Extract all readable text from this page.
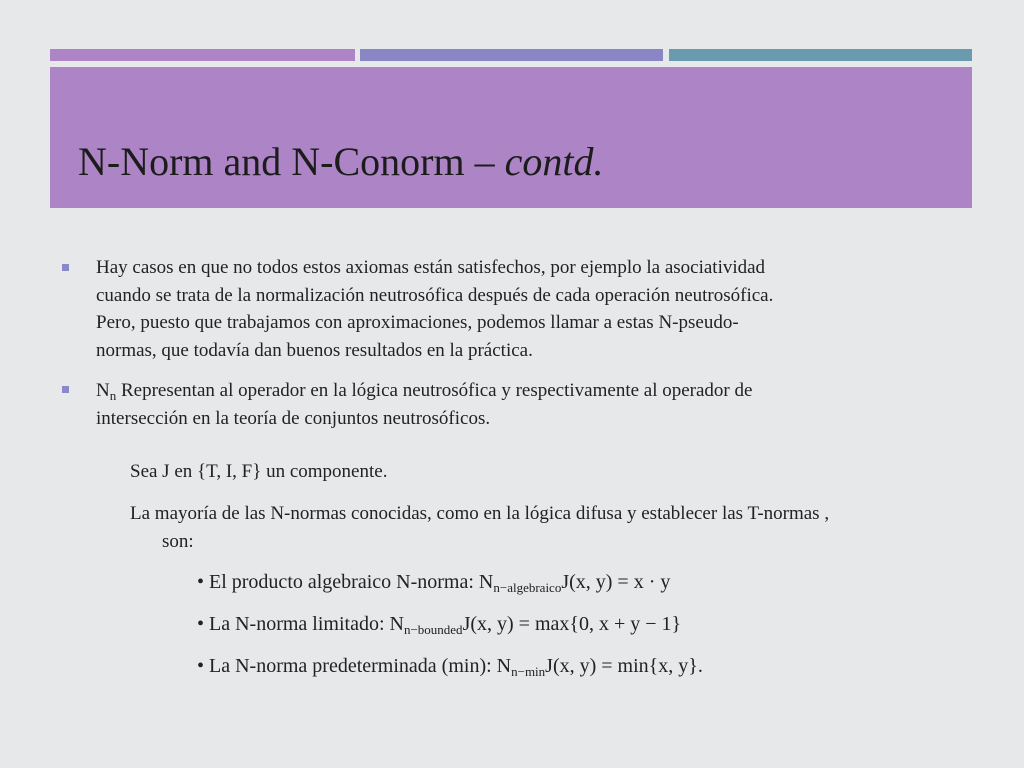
N-Norm and N-Conorm – contd.

Hay casos en que no todos estos axiomas están satisfechos, por ejemplo la asociatividad
cuando se trata de la normalización neutrosófica después de cada operación neutrosófica.
Pero, puesto que trabajamos con aproximaciones, podemos llamar a estas N-pseudo-
normas, que todavía dan buenos resultados en la práctica.

$N_n$ Representan al operador en la lógica neutrosófica y respectivamente al operador de
intersección en la teoría de conjuntos neutrosóficos.

Sea J en {T, I, F} un componente.

La mayoría de las N-normas conocidas, como en la lógica difusa y establecer las T-normas ,
son:

• El producto algebraico N-norma: $N_{n-algebraico}J(x$, y) = x · y

• La N-norma limitado: $N_{n-bounded}J(x$, y) = max{0, x + y − 1}

• La N-norma predeterminada (min): $N_{n-min}J(x$, y) = min{x, y}.
